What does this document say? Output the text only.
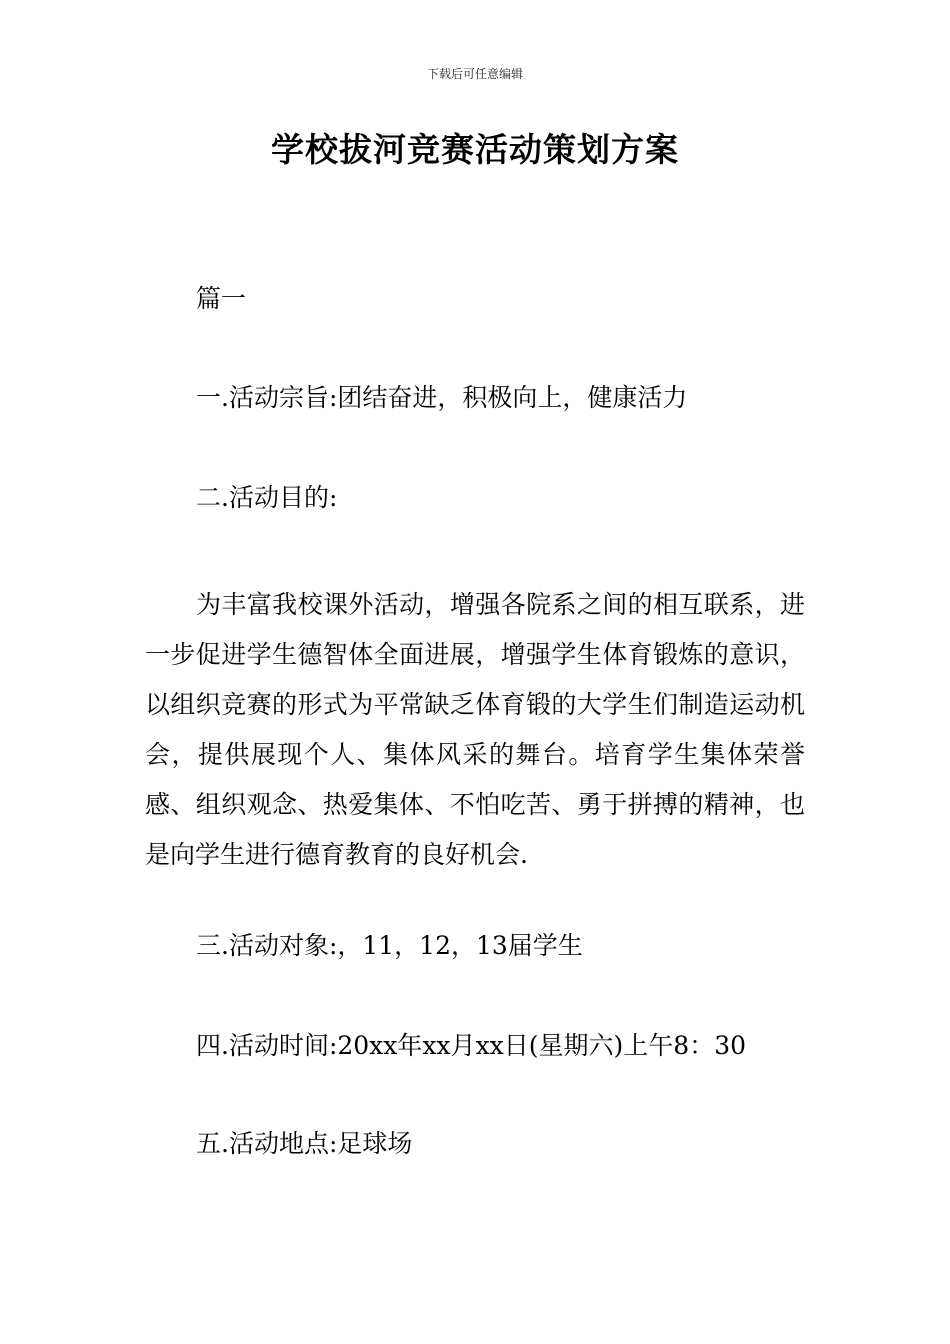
下载后可任意编辑
学校拔河竞赛活动策划方案

篇一

一.活动宗旨:团结奋进，积极向上，健康活力

二.活动目的:

为丰富我校课外活动，增强各院系之间的相互联系，进一步促进学生德智体全面进展，增强学生体育锻炼的意识，以组织竞赛的形式为平常缺乏体育锻的大学生们制造运动机会，提供展现个人、集体风采的舞台。培育学生集体荣誉感、组织观念、热爱集体、不怕吃苦、勇于拼搏的精神，也是向学生进行德育教育的良好机会.

三.活动对象:，11，12，13届学生

四.活动时间:20xx年xx月xx日(星期六)上午8：30

五.活动地点:足球场
